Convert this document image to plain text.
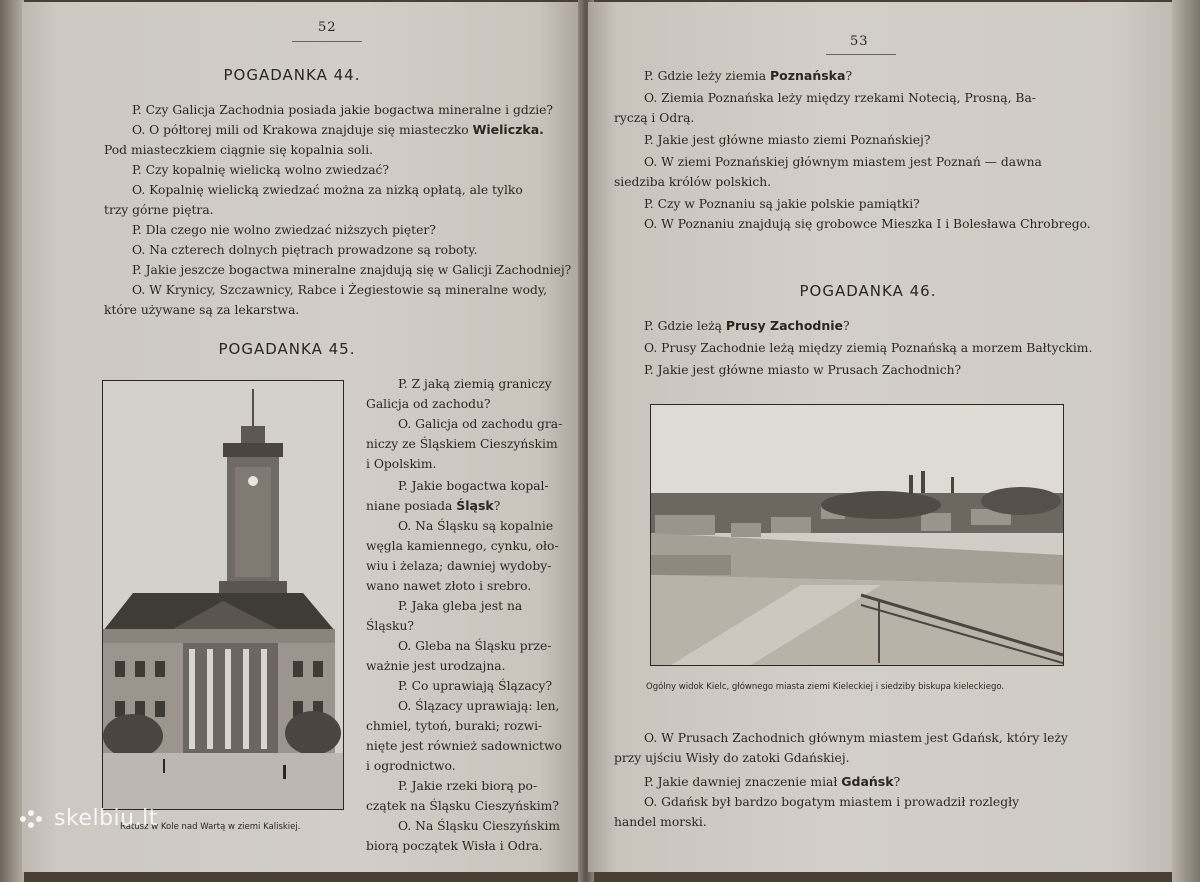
52
POGADANKA 44.
P. Czy Galicja Zachodnia posiada jakie bogactwa mineralne i gdzie?
O. O półtorej mili od Krakowa znajduje się miasteczko Wieliczka.
Pod miasteczkiem ciągnie się kopalnia soli.
P. Czy kopalnię wielicką wolno zwiedzać?
O. Kopalnię wielicką zwiedzać można za nizką opłatą, ale tylko
trzy górne piętra.
P. Dla czego nie wolno zwiedzać niższych pięter?
O. Na czterech dolnych piętrach prowadzone są roboty.
P. Jakie jeszcze bogactwa mineralne znajdują się w Galicji Zachodniej?
O. W Krynicy, Szczawnicy, Rabce i Żegiestowie są mineralne wody,
które używane są za lekarstwa.
POGADANKA 45.
Ratusz w Kole nad Wartą w ziemi Kaliskiej.
P. Z jaką ziemią graniczy
Galicja od zachodu?
O. Galicja od zachodu gra-
niczy ze Śląskiem Cieszyńskim
i Opolskim.
P. Jakie bogactwa kopal-
niane posiada Śląsk?
O. Na Śląsku są kopalnie
węgla kamiennego, cynku, oło-
wiu i żelaza; dawniej wydoby-
wano nawet złoto i srebro.
P. Jaka gleba jest na
Śląsku?
O. Gleba na Śląsku prze-
ważnie jest urodzajna.
P. Co uprawiają Ślązacy?
O. Ślązacy uprawiają: len,
chmiel, tytoń, buraki; rozwi-
nięte jest również sadownictwo
i ogrodnictwo.
P. Jakie rzeki biorą po-
czątek na Śląsku Cieszyńskim?
O. Na Śląsku Cieszyńskim
biorą początek Wisła i Odra.
53
P. Gdzie leży ziemia Poznańska?
O. Ziemia Poznańska leży między rzekami Notecią, Prosną, Ba-
ryczą i Odrą.
P. Jakie jest główne miasto ziemi Poznańskiej?
O. W ziemi Poznańskiej głównym miastem jest Poznań — dawna
siedziba królów polskich.
P. Czy w Poznaniu są jakie polskie pamiątki?
O. W Poznaniu znajdują się grobowce Mieszka I i Bolesława Chrobrego.
POGADANKA 46.
P. Gdzie leżą Prusy Zachodnie?
O. Prusy Zachodnie leżą między ziemią Poznańską a morzem Bałtyckim.
P. Jakie jest główne miasto w Prusach Zachodnich?
Ogólny widok Kielc, głównego miasta ziemi Kieleckiej i siedziby biskupa kieleckiego.
O. W Prusach Zachodnich głównym miastem jest Gdańsk, który leży
przy ujściu Wisły do zatoki Gdańskiej.
P. Jakie dawniej znaczenie miał Gdańsk?
O. Gdańsk był bardzo bogatym miastem i prowadził rozległy
handel morski.
skelbiu.lt
